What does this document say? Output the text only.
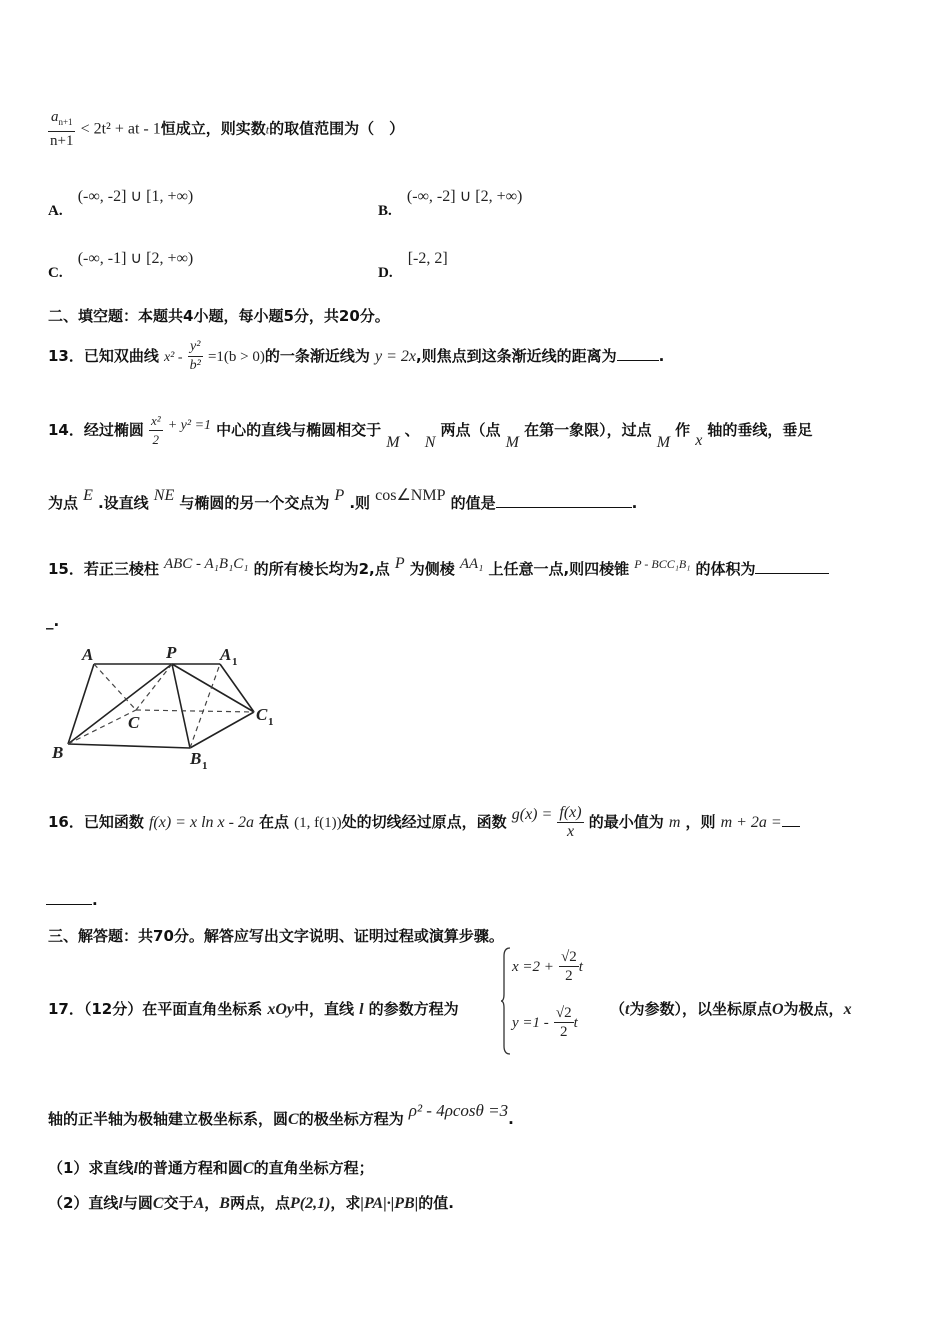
$\frac{a_{n+1}}{n+1} < 2t^2$ + at - 1恒成立，则实数t的取值范围为（　）
A. (-∞, -2] ∪ [1, +∞)
B. (-∞, -2] ∪ [2, +∞)
C. (-∞, -1] ∪ [2, +∞)
D. [-2, 2]
二、填空题：本题共4小题，每小题5分，共20分。
13．已知双曲线 $x^2 - \frac{\text{y²}}{\text{b²}} =1(b > 0)$的一条渐近线为 y = 2x,则焦点到这条渐近线的距离为	.
14．经过椭圆 $\frac{\text{x²}}{2} + y^2 =1$ 中心的直线与椭圆相交于 M 、 N 两点（点 M 在第一象限），过点 M 作 x 轴的垂线，垂足
为点 E .设直线 NE 与椭圆的另一个交点为 P .则 cos∠NMP 的值是	.
15．若正三棱柱 ABC - A₁B₁C₁ 的所有棱长均为2,点 P 为侧棱 AA₁ 上任意一点,则四棱锥 $^{P - BCC_1B_1}$ 的体积为
_.
A	P	A 1
C	C 1
B	B 1
16．已知函数 f(x) = x ln x - 2a 在点 (1, f(1))处的切线经过原点，函数 $g(x) = \frac{f(x)}{x}$ 的最小值为 m ，则 m + 2a =
.
三、解答题：共70分。解答应写出文字说明、证明过程或演算步骤。
17．（12分）在平面直角坐标系 xOy中，直线 l 的参数方程为
$x =2 + \frac{√2}{2}$ t
$y =1 - \frac{√2}{2}$ t
（t为参数），以坐标原点O为极点，x
轴的正半轴为极轴建立极坐标系，圆C的极坐标方程为 ρ² - 4ρcosθ =3.
（1）求直线l的普通方程和圆C的直角坐标方程；
（2）直线l与圆C交于A，B两点，点P(2,1)，求|PA|·|PB|的值.
